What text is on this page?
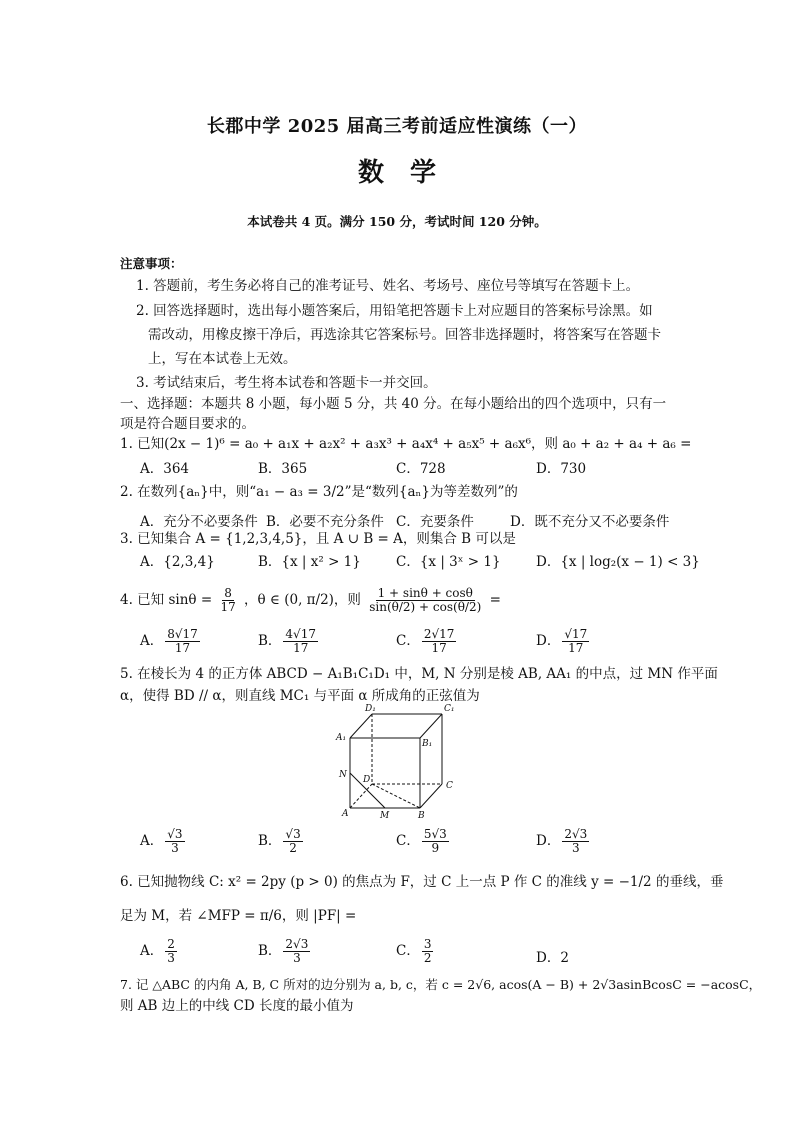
长郡中学 2025 届高三考前适应性演练（一）
数学
本试卷共 4 页。满分 150 分，考试时间 120 分钟。
注意事项：
1. 答题前，考生务必将自己的准考证号、姓名、考场号、座位号等填写在答题卡上。
2. 回答选择题时，选出每小题答案后，用铅笔把答题卡上对应题目的答案标号涂黑。如
需改动，用橡皮擦干净后，再选涂其它答案标号。回答非选择题时，将答案写在答题卡
上，写在本试卷上无效。
3. 考试结束后，考生将本试卷和答题卡一并交回。
一、选择题：本题共 8 小题，每小题 5 分，共 40 分。在每小题给出的四个选项中，只有一
项是符合题目要求的。
1. 已知(2x − 1)⁶ = a₀ + a₁x + a₂x² + a₃x³ + a₄x⁴ + a₅x⁵ + a₆x⁶，则 a₀ + a₂ + a₄ + a₆ =
A．364	B．365	C．728	D．730
2. 在数列{aₙ}中，则“a₁ − a₃ = 3/2”是“数列{aₙ}为等差数列”的
A．充分不必要条件 B．必要不充分条件 C．充要条件	D．既不充分又不必要条件
3. 已知集合 A = {1,2,3,4,5}，且 A ∪ B = A，则集合 B 可以是
A．{2,3,4}	B．{x | x² > 1}	C．{x | 3ˣ > 1}	D．{x | log₂(x − 1) < 3}
4. 已知 $\sin\theta = \frac{8}{17}$ ，θ ∈ (0, π/2)，则 $\frac{1 + \sin\theta + \cos\theta}{\sin(\theta/2) + \cos(\theta/2)}$ =
A． $\frac{8√17}{17}$	B． $\frac{4√17}{17}$	C． $\frac{2√17}{17}$	D． $\frac{√17}{17}$
5. 在棱长为 4 的正方体 ABCD − A₁B₁C₁D₁ 中，M, N 分别是棱 AB, AA₁ 的中点，过 MN 作平面
α，使得 BD // α，则直线 MC₁ 与平面 α 所成角的正弦值为
D₁	C₁
A₁
B₁
N D
C
A	M	B
A． $\frac{√3}{3}$	B． $\frac{√3}{2}$	C． $\frac{5√3}{9}$	D． $\frac{2√3}{3}$
6. 已知抛物线 C: x² = 2py (p > 0) 的焦点为 F，过 C 上一点 P 作 C 的准线 y = −1/2 的垂线，垂
足为 M，若 ∠MFP = π/6，则 |PF| =
A． $\frac{2}{3}$	B． $\frac{2√3}{3}$	C． $\frac{3}{2}$	D．2
7. 记 △ABC 的内角 A, B, C 所对的边分别为 a, b, c，若 c = 2√6, acos(A − B) + 2√3asinBcosC = −acosC，
则 AB 边上的中线 CD 长度的最小值为
